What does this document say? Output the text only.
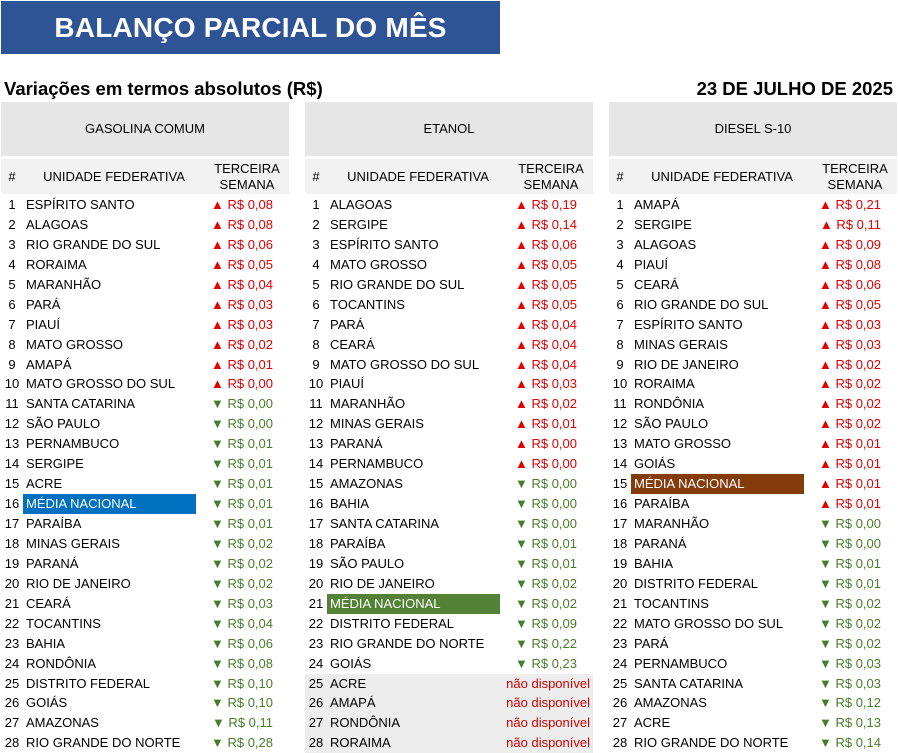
BALANÇO PARCIAL DO MÊS
Variações em termos absolutos (R$)	23 DE JULHO DE 2025
GASOLINA COMUM
#	UNIDADE FEDERATIVA
TERCEIRA SEMANA
1 ESPÍRITO SANTO	▲ R$ 0,08
2 ALAGOAS	▲ R$ 0,08
3 RIO GRANDE DO SUL	▲ R$ 0,06
4 RORAIMA	▲ R$ 0,05
5 MARANHÃO	▲ R$ 0,04
6 PARÁ	▲ R$ 0,03
7 PIAUÍ	▲ R$ 0,03
8 MATO GROSSO	▲ R$ 0,02
9 AMAPÁ	▲ R$ 0,01
10 MATO GROSSO DO SUL	▲ R$ 0,00
11 SANTA CATARINA	▼ R$ 0,00
12 SÃO PAULO	▼ R$ 0,00
13 PERNAMBUCO	▼ R$ 0,01
14 SERGIPE	▼ R$ 0,01
15 ACRE	▼ R$ 0,01
16 MÉDIA NACIONAL	▼ R$ 0,01
17 PARAÍBA	▼ R$ 0,01
18 MINAS GERAIS	▼ R$ 0,02
19 PARANÁ	▼ R$ 0,02
20 RIO DE JANEIRO	▼ R$ 0,02
21 CEARÁ	▼ R$ 0,03
22 TOCANTINS	▼ R$ 0,04
23 BAHIA	▼ R$ 0,06
24 RONDÔNIA	▼ R$ 0,08
25 DISTRITO FEDERAL	▼ R$ 0,10
26 GOIÁS	▼ R$ 0,10
27 AMAZONAS	▼ R$ 0,11
28 RIO GRANDE DO NORTE	▼ R$ 0,28
ETANOL
#	UNIDADE FEDERATIVA
TERCEIRA SEMANA
1 ALAGOAS	▲ R$ 0,19
2 SERGIPE	▲ R$ 0,14
3 ESPÍRITO SANTO	▲ R$ 0,06
4 MATO GROSSO	▲ R$ 0,05
5 RIO GRANDE DO SUL	▲ R$ 0,05
6 TOCANTINS	▲ R$ 0,05
7 PARÁ	▲ R$ 0,04
8 CEARÁ	▲ R$ 0,04
9 MATO GROSSO DO SUL	▲ R$ 0,04
10 PIAUÍ	▲ R$ 0,03
11 MARANHÃO	▲ R$ 0,02
12 MINAS GERAIS	▲ R$ 0,01
13 PARANÁ	▲ R$ 0,00
14 PERNAMBUCO	▲ R$ 0,00
15 AMAZONAS	▼ R$ 0,00
16 BAHIA	▼ R$ 0,00
17 SANTA CATARINA	▼ R$ 0,00
18 PARAÍBA	▼ R$ 0,01
19 SÃO PAULO	▼ R$ 0,01
20 RIO DE JANEIRO	▼ R$ 0,02
21 MÉDIA NACIONAL	▼ R$ 0,02
22 DISTRITO FEDERAL	▼ R$ 0,09
23 RIO GRANDE DO NORTE	▼ R$ 0,22
24 GOIÁS	▼ R$ 0,23
25 ACRE	não disponível
26 AMAPÁ	não disponível
27 RONDÔNIA	não disponível
28 RORAIMA	não disponível
DIESEL S-10
#	UNIDADE FEDERATIVA
TERCEIRA SEMANA
1 AMAPÁ	▲ R$ 0,21
2 SERGIPE	▲ R$ 0,11
3 ALAGOAS	▲ R$ 0,09
4 PIAUÍ	▲ R$ 0,08
5 CEARÁ	▲ R$ 0,06
6 RIO GRANDE DO SUL	▲ R$ 0,05
7 ESPÍRITO SANTO	▲ R$ 0,03
8 MINAS GERAIS	▲ R$ 0,03
9 RIO DE JANEIRO	▲ R$ 0,02
10 RORAIMA	▲ R$ 0,02
11 RONDÔNIA	▲ R$ 0,02
12 SÃO PAULO	▲ R$ 0,02
13 MATO GROSSO	▲ R$ 0,01
14 GOIÁS	▲ R$ 0,01
15 MÉDIA NACIONAL	▲ R$ 0,01
16 PARAÍBA	▲ R$ 0,01
17 MARANHÃO	▼ R$ 0,00
18 PARANÁ	▼ R$ 0,00
19 BAHIA	▼ R$ 0,01
20 DISTRITO FEDERAL	▼ R$ 0,01
21 TOCANTINS	▼ R$ 0,02
22 MATO GROSSO DO SUL	▼ R$ 0,02
23 PARÁ	▼ R$ 0,02
24 PERNAMBUCO	▼ R$ 0,03
25 SANTA CATARINA	▼ R$ 0,03
26 AMAZONAS	▼ R$ 0,12
27 ACRE	▼ R$ 0,13
28 RIO GRANDE DO NORTE	▼ R$ 0,14
